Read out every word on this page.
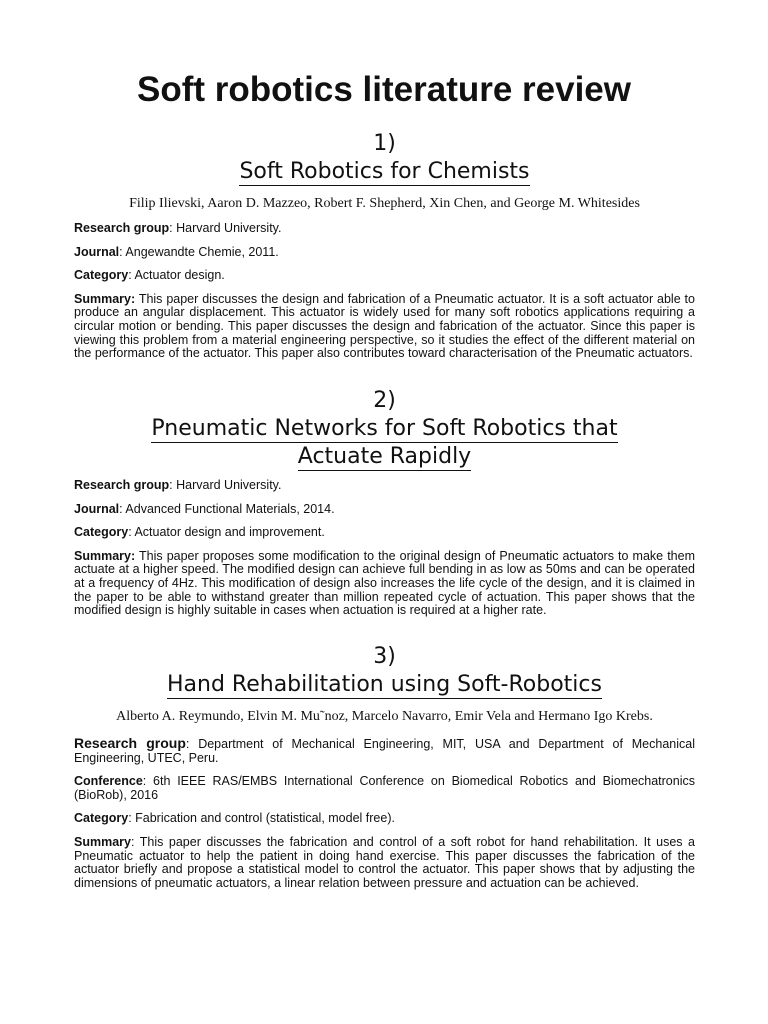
Soft robotics literature review

1)

Soft Robotics for Chemists

Filip Ilievski, Aaron D. Mazzeo, Robert F. Shepherd, Xin Chen, and George M. Whitesides

Research group: Harvard University.

Journal: Angewandte Chemie, 2011.

Category: Actuator design.

Summary: This paper discusses the design and fabrication of a Pneumatic actuator. It is a soft actuator able to produce an angular displacement. This actuator is widely used for many soft robotics applications requiring a circular motion or bending. This paper discusses the design and fabrication of the actuator. Since this paper is viewing this problem from a material engineering perspective, so it studies the effect of the different material on the performance of the actuator. This paper also contributes toward characterisation of the Pneumatic actuators.

2)

Pneumatic Networks for Soft Robotics that

Actuate Rapidly

Research group: Harvard University.

Journal: Advanced Functional Materials, 2014.

Category: Actuator design and improvement.

Summary: This paper proposes some modification to the original design of Pneumatic actuators to make them actuate at a higher speed. The modified design can achieve full bending in as low as 50ms and can be operated at a frequency of 4Hz. This modification of design also increases the life cycle of the design, and it is claimed in the paper to be able to withstand greater than million repeated cycle of actuation. This paper shows that the modified design is highly suitable in cases when actuation is required at a higher rate.

3)

Hand Rehabilitation using Soft-Robotics

Alberto A. Reymundo, Elvin M. Mu˜noz, Marcelo Navarro, Emir Vela and Hermano Igo Krebs.

Research group: Department of Mechanical Engineering, MIT, USA and Department of Mechanical Engineering, UTEC, Peru.

Conference: 6th IEEE RAS/EMBS International Conference on Biomedical Robotics and Biomechatronics (BioRob), 2016

Category: Fabrication and control (statistical, model free).

Summary: This paper discusses the fabrication and control of a soft robot for hand rehabilitation. It uses a Pneumatic actuator to help the patient in doing hand exercise. This paper discusses the fabrication of the actuator briefly and propose a statistical model to control the actuator. This paper shows that by adjusting the dimensions of pneumatic actuators, a linear relation between pressure and actuation can be achieved.
